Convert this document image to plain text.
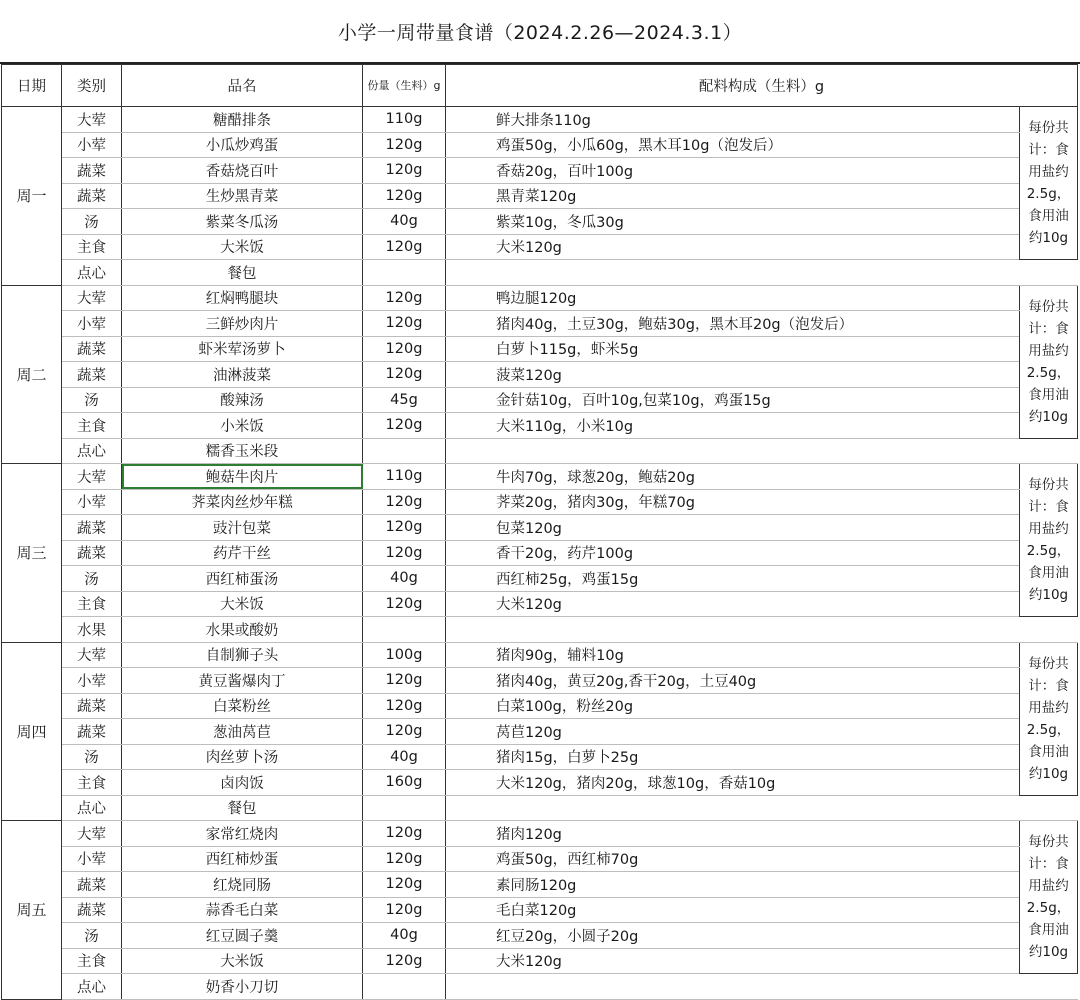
小学一周带量食谱（2024.2.26—2024.3.1）
日期	类别	品名	份量（生料）g	配料构成（生料）g	
周一	大荤	糖醋排条	110g	鲜大排条110g	每份共计：食用盐约2.5g，食用油约10g
	小荤	小瓜炒鸡蛋	120g	鸡蛋50g，小瓜60g，黑木耳10g（泡发后）	
	蔬菜	香菇烧百叶	120g	香菇20g，百叶100g	
	蔬菜	生炒黑青菜	120g	黑青菜120g	
	汤	紫菜冬瓜汤	40g	紫菜10g，冬瓜30g	
	主食	大米饭	120g	大米120g	
	点心	餐包			
周二	大荤	红焖鸭腿块	120g	鸭边腿120g	每份共计：食用盐约2.5g，食用油约10g
	小荤	三鲜炒肉片	120g	猪肉40g，土豆30g，鲍菇30g，黑木耳20g（泡发后）	
	蔬菜	虾米荤汤萝卜	120g	白萝卜115g，虾米5g	
	蔬菜	油淋菠菜	120g	菠菜120g	
	汤	酸辣汤	45g	金针菇10g，百叶10g,包菜10g，鸡蛋15g	
	主食	小米饭	120g	大米110g，小米10g	
	点心	糯香玉米段			
周三	大荤	鲍菇牛肉片	110g	牛肉70g，球葱20g，鲍菇20g	每份共计：食用盐约2.5g，食用油约10g
	小荤	荠菜肉丝炒年糕	120g	荠菜20g，猪肉30g，年糕70g	
	蔬菜	豉汁包菜	120g	包菜120g	
	蔬菜	药芹干丝	120g	香干20g，药芹100g	
	汤	西红柿蛋汤	40g	西红柿25g，鸡蛋15g	
	主食	大米饭	120g	大米120g	
	水果	水果或酸奶			
周四	大荤	自制狮子头	100g	猪肉90g，辅料10g	每份共计：食用盐约2.5g，食用油约10g
	小荤	黄豆酱爆肉丁	120g	猪肉40g，黄豆20g,香干20g，土豆40g	
	蔬菜	白菜粉丝	120g	白菜100g，粉丝20g	
	蔬菜	葱油莴苣	120g	莴苣120g	
	汤	肉丝萝卜汤	40g	猪肉15g，白萝卜25g	
	主食	卤肉饭	160g	大米120g，猪肉20g，球葱10g，香菇10g	
	点心	餐包			
周五	大荤	家常红烧肉	120g	猪肉120g	每份共计：食用盐约2.5g，食用油约10g
	小荤	西红柿炒蛋	120g	鸡蛋50g，西红柿70g	
	蔬菜	红烧同肠	120g	素同肠120g	
	蔬菜	蒜香毛白菜	120g	毛白菜120g	
	汤	红豆圆子羹	40g	红豆20g，小圆子20g	
	主食	大米饭	120g	大米120g	
	点心	奶香小刀切			
